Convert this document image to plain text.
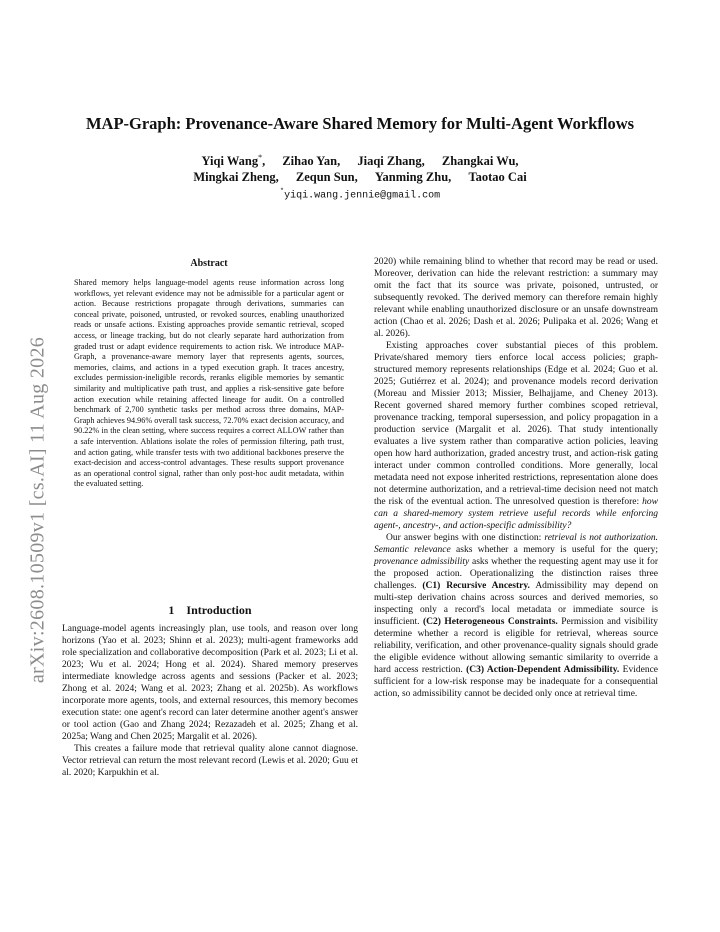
arXiv:2608.10509v1 [cs.AI] 11 Aug 2026
MAP-Graph: Provenance-Aware Shared Memory for Multi-Agent Workflows
Yiqi Wang*, Zihao Yan, Jiaqi Zhang, Zhangkai Wu,
Mingkai Zheng, Zequn Sun, Yanming Zhu, Taotao Cai
*yiqi.wang.jennie@gmail.com
Abstract

Shared memory helps language-model agents reuse information across long workflows, yet relevant evidence may not be admissible for a particular agent or action. Because restrictions propagate through derivations, summaries can conceal private, poisoned, untrusted, or revoked sources, enabling unauthorized reads or unsafe actions. Existing approaches provide semantic retrieval, scoped access, or lineage tracking, but do not clearly separate hard authorization from graded trust or adapt evidence requirements to action risk. We introduce MAP-Graph, a provenance-aware memory layer that represents agents, sources, memories, claims, and actions in a typed execution graph. It traces ancestry, excludes permission-ineligible records, reranks eligible memories by semantic similarity and multiplicative path trust, and applies a risk-sensitive gate before action execution while retaining affected lineage for audit. On a controlled benchmark of 2,700 synthetic tasks per method across three domains, MAP-Graph achieves 94.96% overall task success, 72.70% exact decision accuracy, and 90.22% in the clean setting, where success requires a correct ALLOW rather than a safe intervention. Ablations isolate the roles of permission filtering, path trust, and action gating, while transfer tests with two additional backbones preserve the exact-decision and access-control advantages. These results support provenance as an operational control signal, rather than only post-hoc audit metadata, within the evaluated setting.

1 Introduction

Language-model agents increasingly plan, use tools, and reason over long horizons (Yao et al. 2023; Shinn et al. 2023); multi-agent frameworks add role specialization and collaborative decomposition (Park et al. 2023; Li et al. 2023; Wu et al. 2024; Hong et al. 2024). Shared memory preserves intermediate knowledge across agents and sessions (Packer et al. 2023; Zhong et al. 2024; Wang et al. 2023; Zhang et al. 2025b). As workflows incorporate more agents, tools, and external resources, this memory becomes execution state: one agent's record can later determine another agent's answer or tool action (Gao and Zhang 2024; Rezazadeh et al. 2025; Zhang et al. 2025a; Wang and Chen 2025; Margalit et al. 2026).

This creates a failure mode that retrieval quality alone cannot diagnose. Vector retrieval can return the most relevant record (Lewis et al. 2020; Guu et al. 2020; Karpukhin et al.

2020) while remaining blind to whether that record may be read or used. Moreover, derivation can hide the relevant restriction: a summary may omit the fact that its source was private, poisoned, untrusted, or subsequently revoked. The derived memory can therefore remain highly relevant while enabling unauthorized disclosure or an unsafe downstream action (Chao et al. 2026; Dash et al. 2026; Pulipaka et al. 2026; Wang et al. 2026).

Existing approaches cover substantial pieces of this problem. Private/shared memory tiers enforce local access policies; graph-structured memory represents relationships (Edge et al. 2024; Guo et al. 2025; Gutiérrez et al. 2024); and provenance models record derivation (Moreau and Missier 2013; Missier, Belhajjame, and Cheney 2013). Recent governed shared memory further combines scoped retrieval, provenance tracking, temporal supersession, and policy propagation in a production service (Margalit et al. 2026). That study intentionally evaluates a live system rather than comparative action policies, leaving open how hard authorization, graded ancestry trust, and action-risk gating interact under common controlled conditions. More generally, local metadata need not expose inherited restrictions, representation alone does not determine authorization, and a retrieval-time decision need not match the risk of the eventual action. The unresolved question is therefore: how can a shared-memory system retrieve useful records while enforcing agent-, ancestry-, and action-specific admissibility?

Our answer begins with one distinction: retrieval is not authorization. Semantic relevance asks whether a memory is useful for the query; provenance admissibility asks whether the requesting agent may use it for the proposed action. Operationalizing the distinction raises three challenges. (C1) Recursive Ancestry. Admissibility may depend on multi-step derivation chains across sources and derived memories, so inspecting only a record's local metadata or immediate source is insufficient. (C2) Heterogeneous Constraints. Permission and visibility determine whether a record is eligible for retrieval, whereas source reliability, verification, and other provenance-quality signals should grade the eligible evidence without allowing semantic similarity to override a hard access restriction. (C3) Action-Dependent Admissibility. Evidence sufficient for a low-risk response may be inadequate for a consequential action, so admissibility cannot be decided only once at retrieval time.
